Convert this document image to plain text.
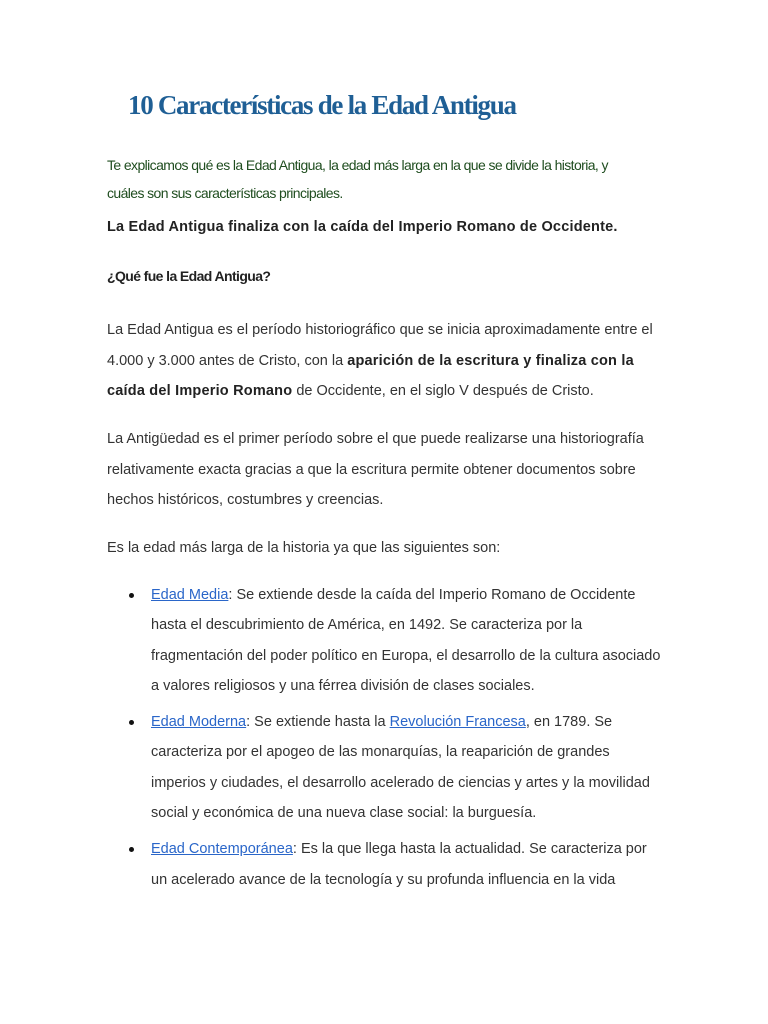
10 Características de la Edad Antigua

Te explicamos qué es la Edad Antigua, la edad más larga en la que se divide la historia, y cuáles son sus características principales.

La Edad Antigua finaliza con la caída del Imperio Romano de Occidente.

¿Qué fue la Edad Antigua?

La Edad Antigua es el período historiográfico que se inicia aproximadamente entre el 4.000 y 3.000 antes de Cristo, con la aparición de la escritura y finaliza con la caída del Imperio Romano de Occidente, en el siglo V después de Cristo.

La Antigüedad es el primer período sobre el que puede realizarse una historiografía relativamente exacta gracias a que la escritura permite obtener documentos sobre hechos históricos, costumbres y creencias.

Es la edad más larga de la historia ya que las siguientes son:

Edad Media: Se extiende desde la caída del Imperio Romano de Occidente hasta el descubrimiento de América, en 1492. Se caracteriza por la fragmentación del poder político en Europa, el desarrollo de la cultura asociado a valores religiosos y una férrea división de clases sociales.
Edad Moderna: Se extiende hasta la Revolución Francesa, en 1789. Se caracteriza por el apogeo de las monarquías, la reaparición de grandes imperios y ciudades, el desarrollo acelerado de ciencias y artes y la movilidad social y económica de una nueva clase social: la burguesía.
Edad Contemporánea: Es la que llega hasta la actualidad. Se caracteriza por un acelerado avance de la tecnología y su profunda influencia en la vida
